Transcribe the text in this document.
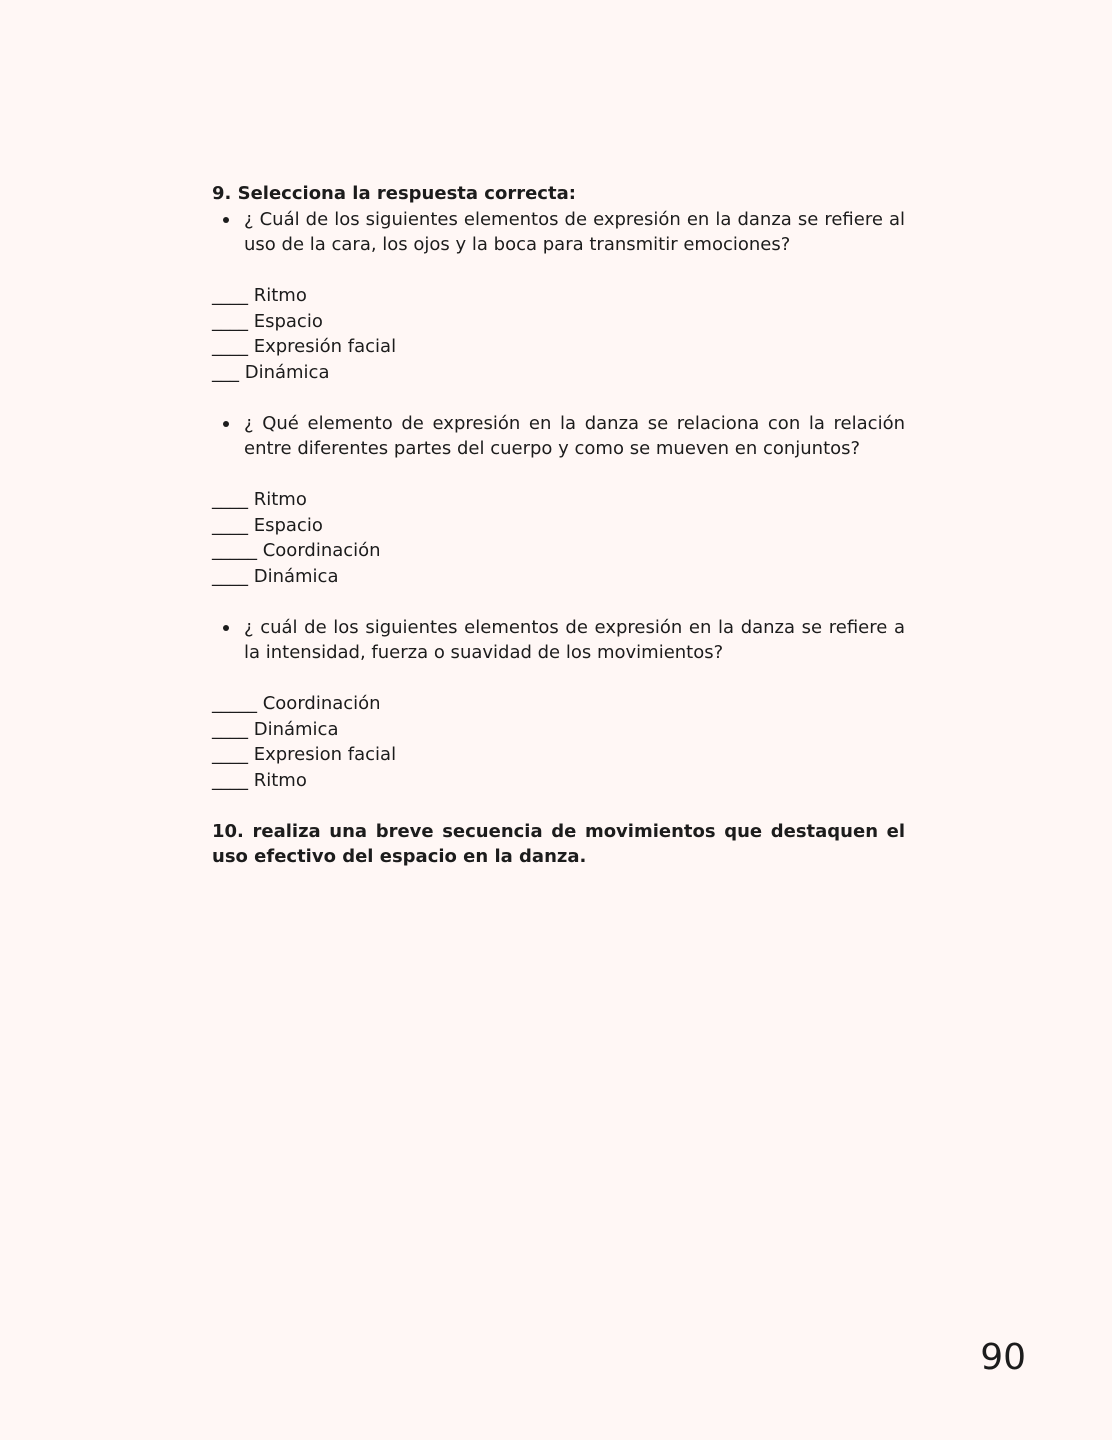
9. Selecciona la respuesta correcta:

¿ Cuál de los siguientes elementos de expresión en la danza se refiere al uso de la cara, los ojos y la boca para transmitir emociones?

____ Ritmo
____ Espacio
____ Expresión facial
___ Dinámica

¿ Qué elemento de expresión en la danza se relaciona con la relación entre diferentes partes del cuerpo y como se mueven en conjuntos?

____ Ritmo
____ Espacio
_____ Coordinación
____ Dinámica

¿ cuál de los siguientes elementos de expresión en la danza se refiere a la intensidad, fuerza o suavidad de los movimientos?

_____ Coordinación
____ Dinámica
____ Expresion facial
____ Ritmo

10. realiza una breve secuencia de movimientos que destaquen el uso efectivo del espacio en la danza.

90
